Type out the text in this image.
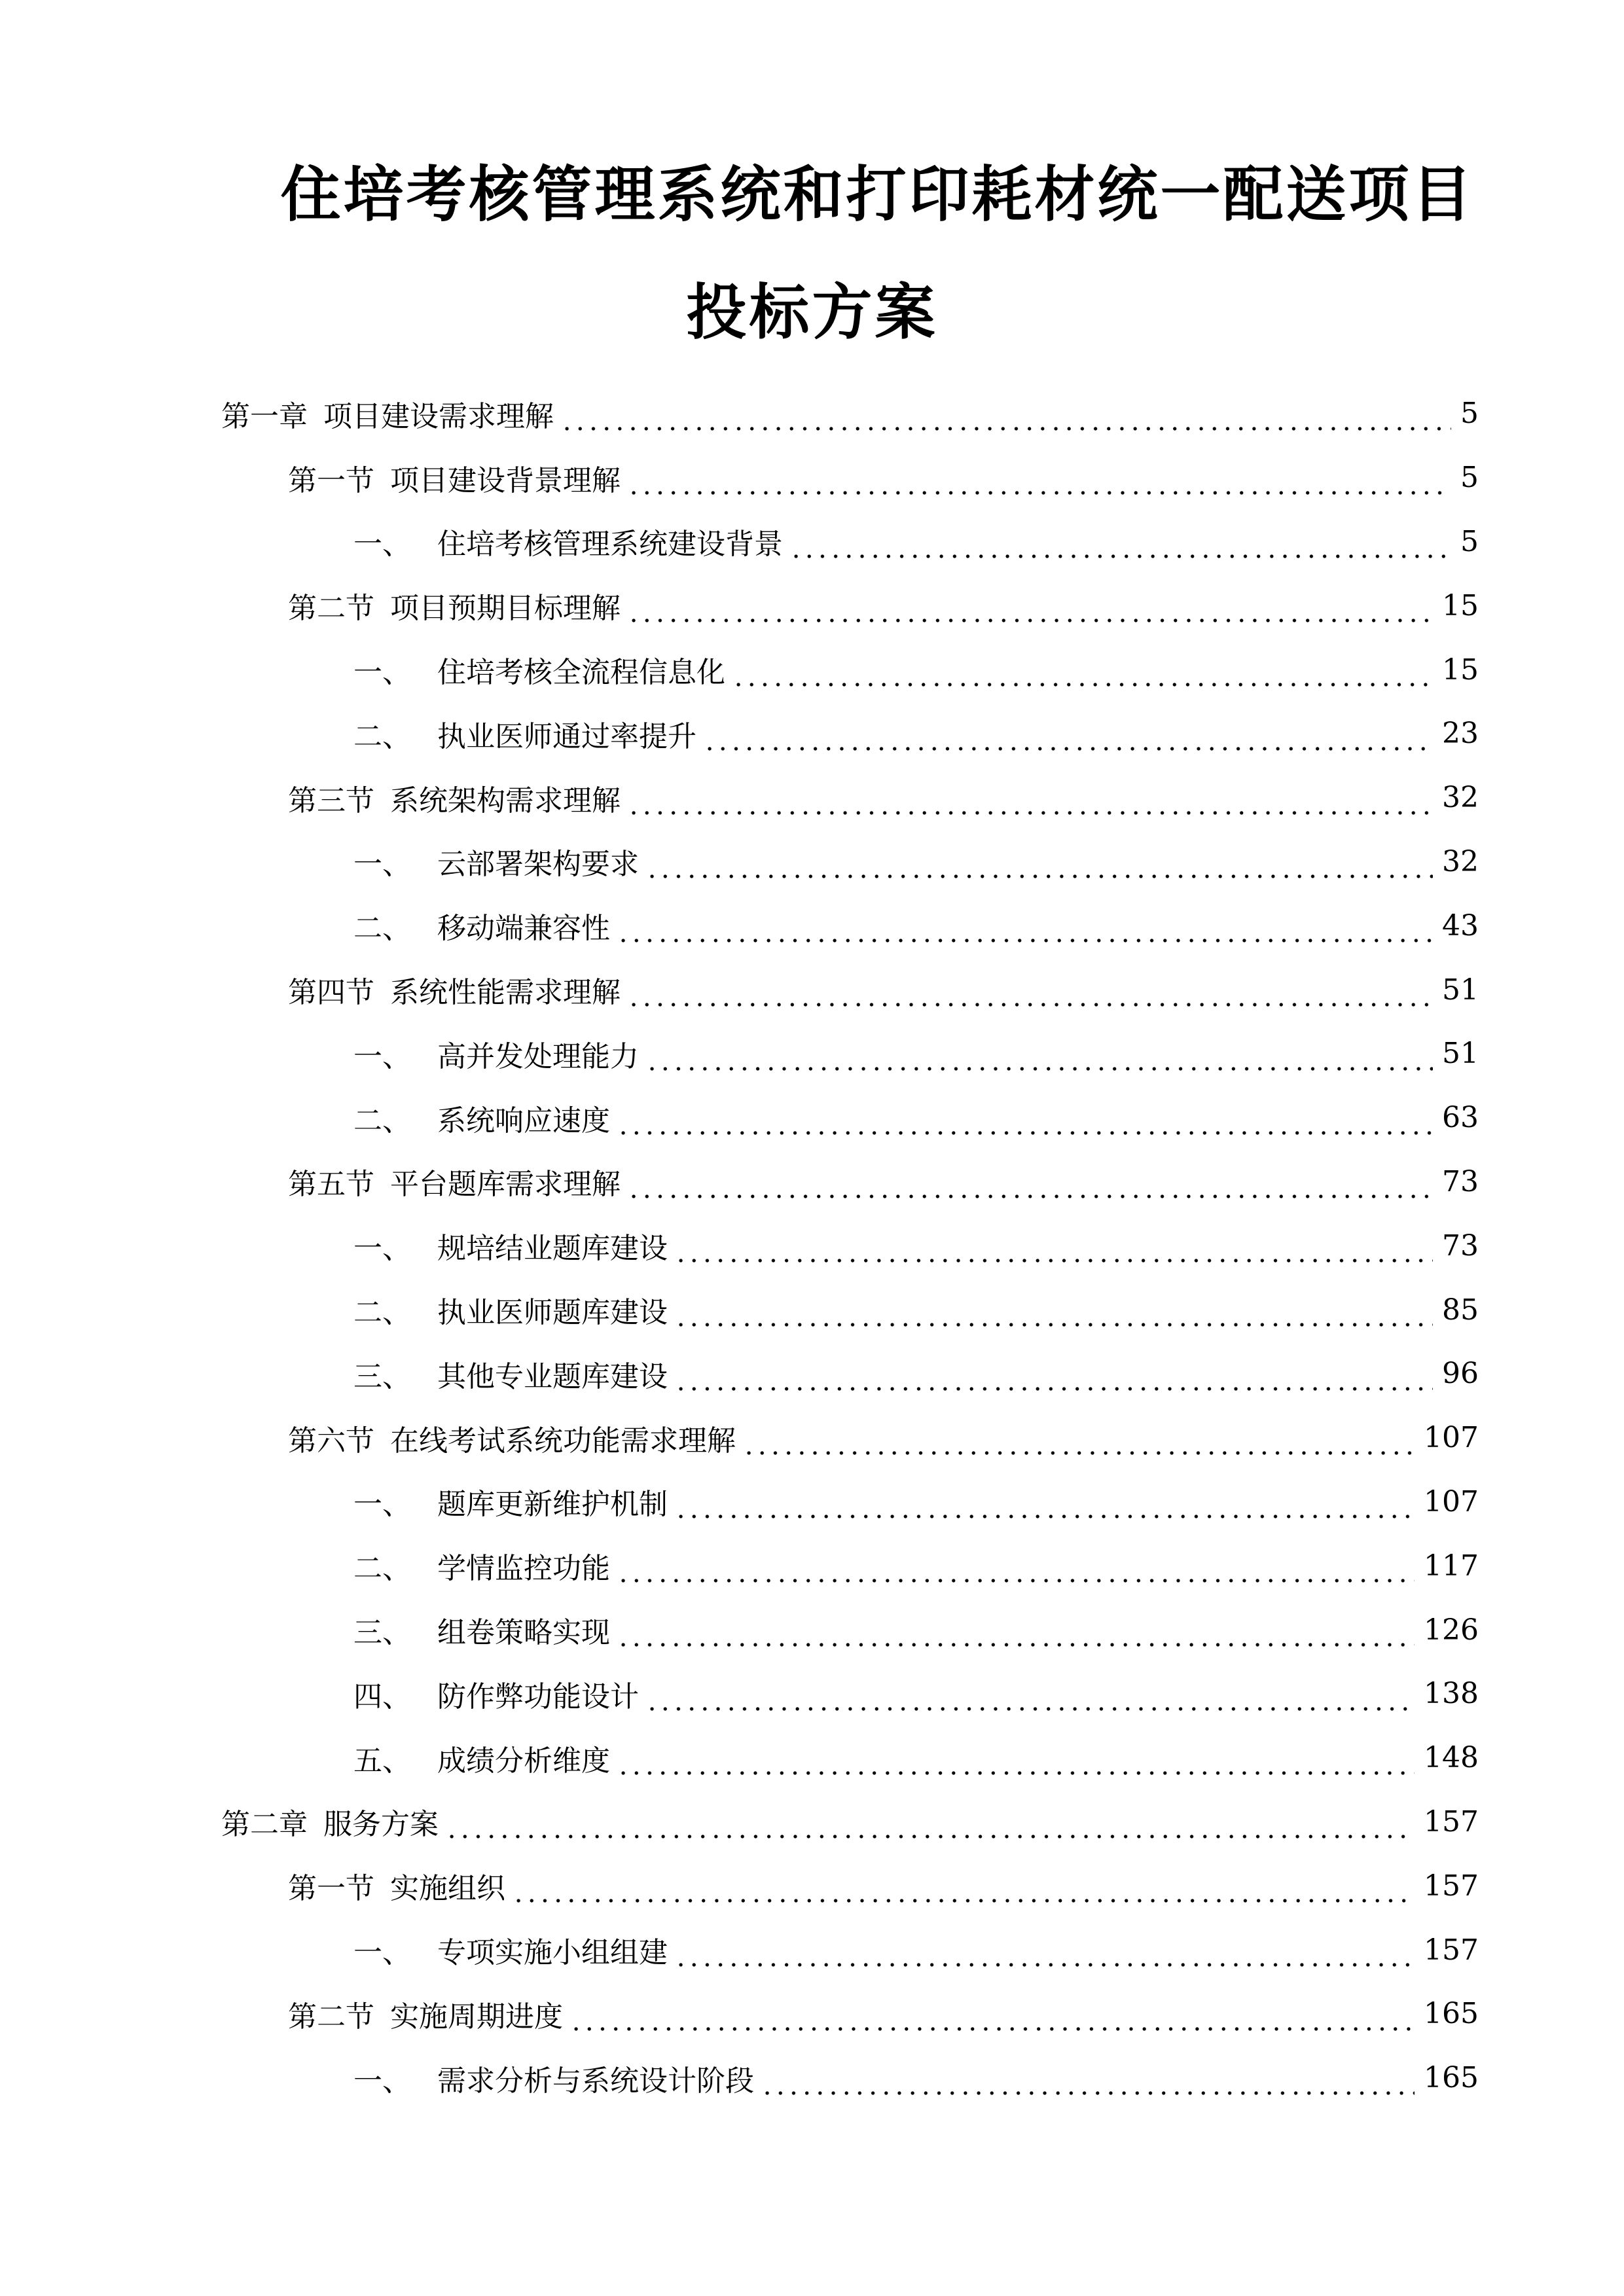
住培考核管理系统和打印耗材统一配送项目
投标方案
第一章 项目建设需求理解	5
第一节 项目建设背景理解	5
一、 住培考核管理系统建设背景	5
第二节 项目预期目标理解	15
一、 住培考核全流程信息化	15
二、 执业医师通过率提升	23
第三节 系统架构需求理解	32
一、 云部署架构要求	32
二、 移动端兼容性	43
第四节 系统性能需求理解	51
一、 高并发处理能力	51
二、 系统响应速度	63
第五节 平台题库需求理解	73
一、 规培结业题库建设	73
二、 执业医师题库建设	85
三、 其他专业题库建设	96
第六节 在线考试系统功能需求理解	107
一、 题库更新维护机制	107
二、 学情监控功能	117
三、 组卷策略实现	126
四、 防作弊功能设计	138
五、 成绩分析维度	148
第二章 服务方案	157
第一节 实施组织	157
一、 专项实施小组组建	157
第二节 实施周期进度	165
一、 需求分析与系统设计阶段	165
